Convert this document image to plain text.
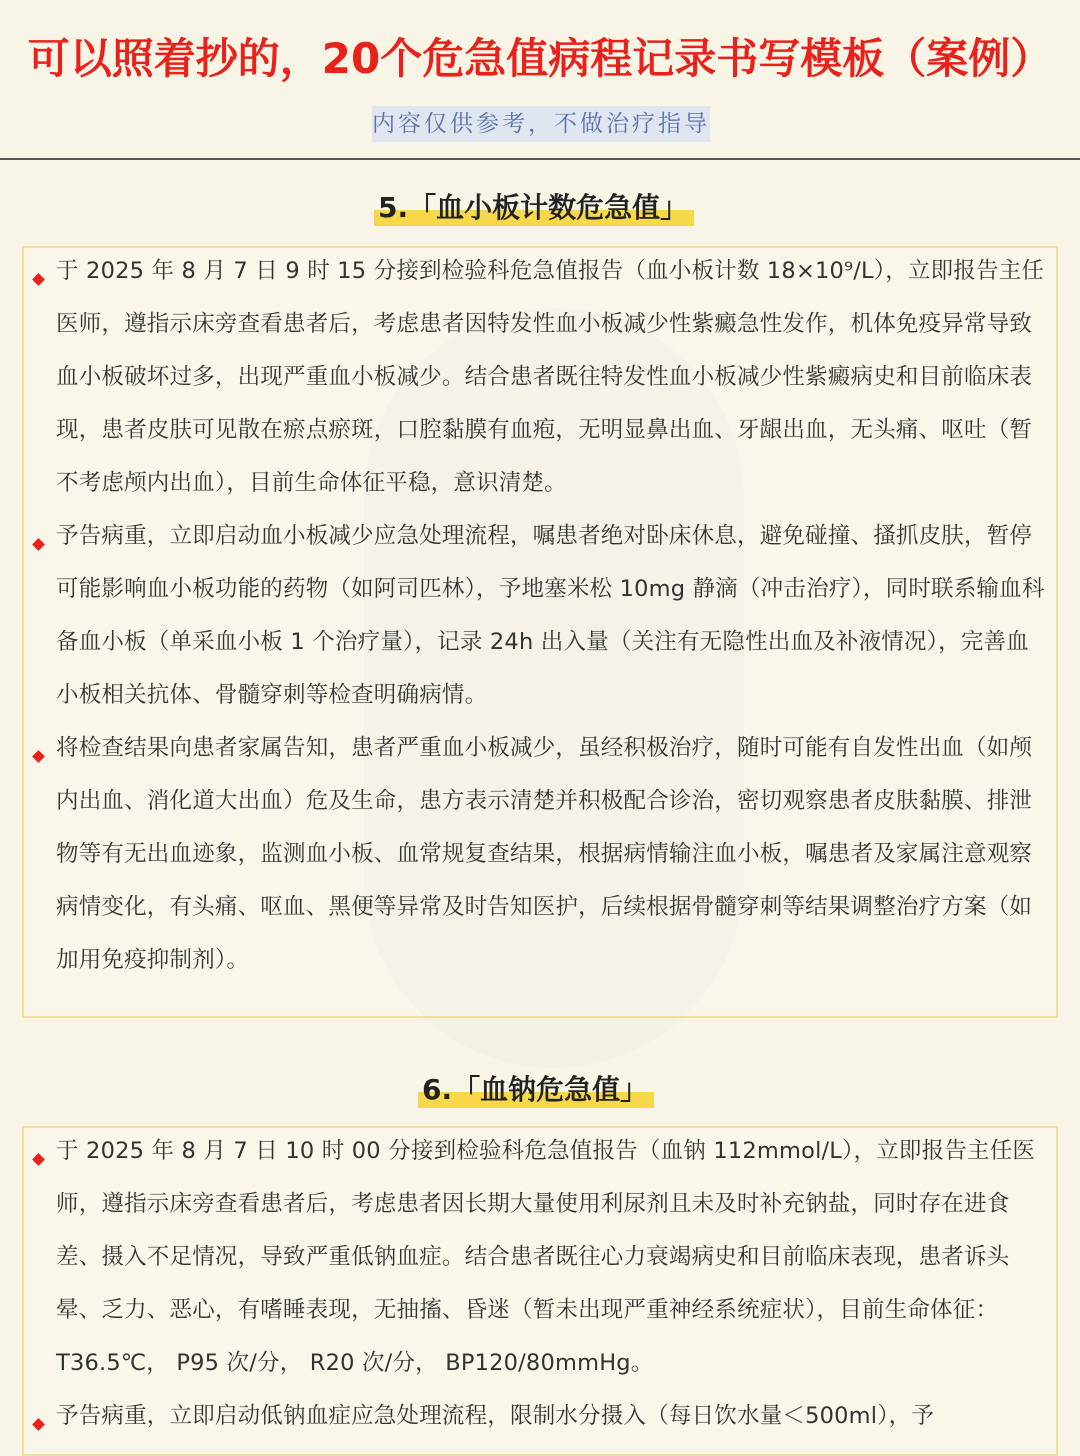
可以照着抄的，20个危急值病程记录书写模板（案例）
内容仅供参考，不做治疗指导
5.「血小板计数危急值」
于 2025 年 8 月 7 日 9 时 15 分接到检验科危急值报告（血小板计数 18×10⁹/L），立即报告主任医师，遵指示床旁查看患者后，考虑患者因特发性血小板减少性紫癜急性发作，机体免疫异常导致血小板破坏过多，出现严重血小板减少。结合患者既往特发性血小板减少性紫癜病史和目前临床表现，患者皮肤可见散在瘀点瘀斑，口腔黏膜有血疱，无明显鼻出血、牙龈出血，无头痛、呕吐（暂不考虑颅内出血），目前生命体征平稳，意识清楚。
予告病重，立即启动血小板减少应急处理流程，嘱患者绝对卧床休息，避免碰撞、搔抓皮肤，暂停可能影响血小板功能的药物（如阿司匹林），予地塞米松 10mg 静滴（冲击治疗），同时联系输血科备血小板（单采血小板 1 个治疗量），记录 24h 出入量（关注有无隐性出血及补液情况），完善血小板相关抗体、骨髓穿刺等检查明确病情。
将检查结果向患者家属告知，患者严重血小板减少，虽经积极治疗，随时可能有自发性出血（如颅内出血、消化道大出血）危及生命，患方表示清楚并积极配合诊治，密切观察患者皮肤黏膜、排泄物等有无出血迹象，监测血小板、血常规复查结果，根据病情输注血小板，嘱患者及家属注意观察病情变化，有头痛、呕血、黑便等异常及时告知医护，后续根据骨髓穿刺等结果调整治疗方案（如加用免疫抑制剂）。
6.「血钠危急值」
于 2025 年 8 月 7 日 10 时 00 分接到检验科危急值报告（血钠 112mmol/L），立即报告主任医师，遵指示床旁查看患者后，考虑患者因长期大量使用利尿剂且未及时补充钠盐，同时存在进食差、摄入不足情况，导致严重低钠血症。结合患者既往心力衰竭病史和目前临床表现，患者诉头晕、乏力、恶心，有嗜睡表现，无抽搐、昏迷（暂未出现严重神经系统症状），目前生命体征： T36.5℃， P95 次/分， R20 次/分， BP120/80mmHg。
予告病重，立即启动低钠血症应急处理流程，限制水分摄入（每日饮水量＜500ml），予
